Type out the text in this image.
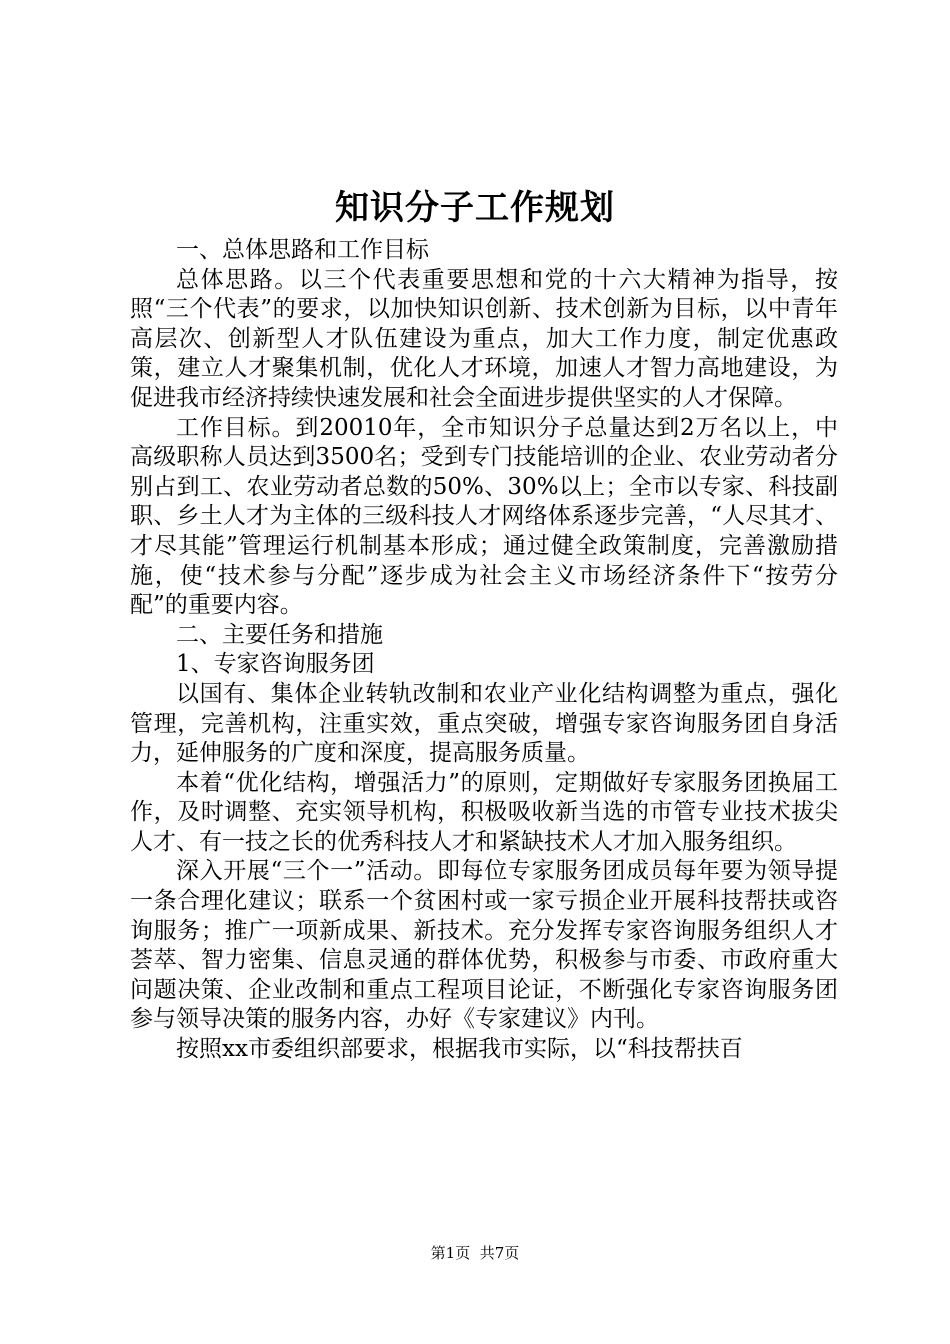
知识分子工作规划

一、总体思路和工作目标

总体思路。以三个代表重要思想和党的十六大精神为指导，按照“三个代表”的要求，以加快知识创新、技术创新为目标，以中青年高层次、创新型人才队伍建设为重点，加大工作力度，制定优惠政策，建立人才聚集机制，优化人才环境，加速人才智力高地建设，为促进我市经济持续快速发展和社会全面进步提供坚实的人才保障。

工作目标。到20010年，全市知识分子总量达到2万名以上，中高级职称人员达到3500名；受到专门技能培训的企业、农业劳动者分别占到工、农业劳动者总数的50%、30%以上；全市以专家、科技副职、乡土人才为主体的三级科技人才网络体系逐步完善，“人尽其才、才尽其能”管理运行机制基本形成；通过健全政策制度，完善激励措施，使“技术参与分配”逐步成为社会主义市场经济条件下“按劳分配”的重要内容。

二、主要任务和措施

1、专家咨询服务团

以国有、集体企业转轨改制和农业产业化结构调整为重点，强化管理，完善机构，注重实效，重点突破，增强专家咨询服务团自身活力，延伸服务的广度和深度，提高服务质量。

本着“优化结构，增强活力”的原则，定期做好专家服务团换届工作，及时调整、充实领导机构，积极吸收新当选的市管专业技术拔尖人才、有一技之长的优秀科技人才和紧缺技术人才加入服务组织。

深入开展“三个一”活动。即每位专家服务团成员每年要为领导提一条合理化建议；联系一个贫困村或一家亏损企业开展科技帮扶或咨询服务；推广一项新成果、新技术。充分发挥专家咨询服务组织人才荟萃、智力密集、信息灵通的群体优势，积极参与市委、市政府重大问题决策、企业改制和重点工程项目论证，不断强化专家咨询服务团参与领导决策的服务内容，办好《专家建议》内刊。

按照xx市委组织部要求，根据我市实际，以“科技帮扶百

第1页 共7页
